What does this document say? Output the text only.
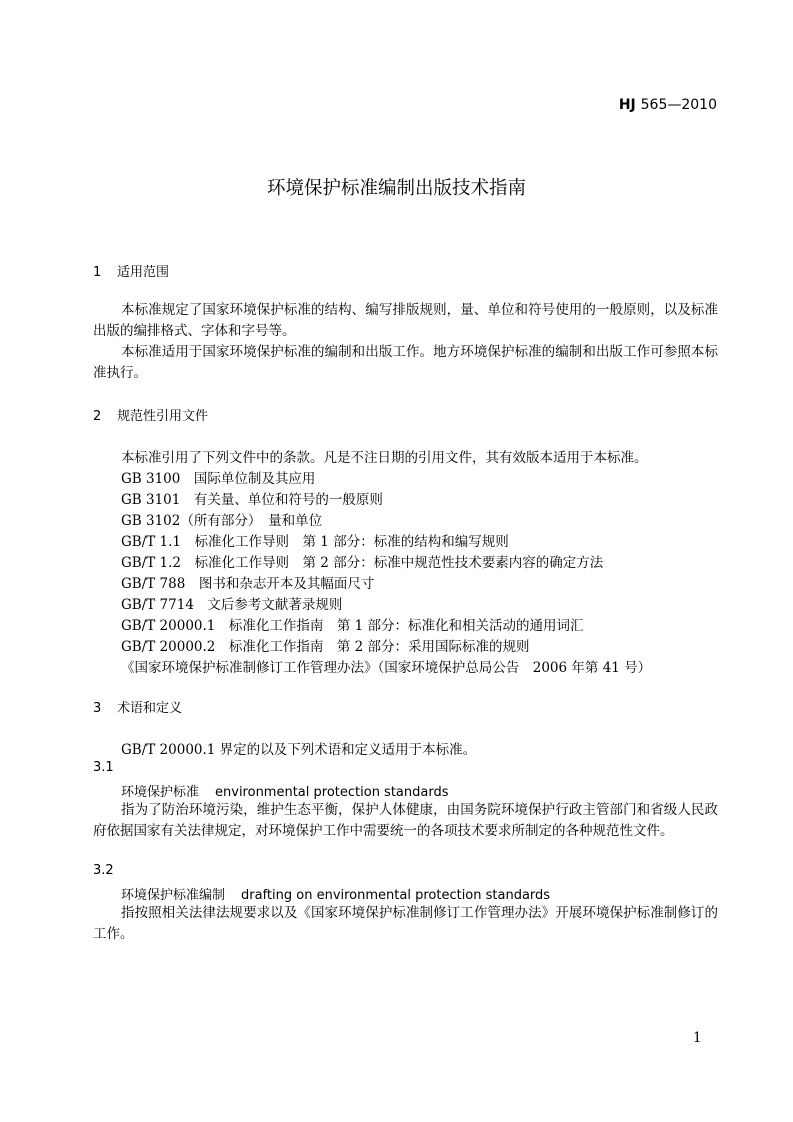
HJ 565—2010
环境保护标准编制出版技术指南
1 适用范围
本标准规定了国家环境保护标准的结构、编写排版规则，量、单位和符号使用的一般原则，以及标准出版的编排格式、字体和字号等。
本标准适用于国家环境保护标准的编制和出版工作。地方环境保护标准的编制和出版工作可参照本标准执行。
2 规范性引用文件
本标准引用了下列文件中的条款。凡是不注日期的引用文件，其有效版本适用于本标准。
GB 3100　国际单位制及其应用
GB 3101　有关量、单位和符号的一般原则
GB 3102（所有部分）　量和单位
GB/T 1.1　标准化工作导则　第 1 部分：标准的结构和编写规则
GB/T 1.2　标准化工作导则　第 2 部分：标准中规范性技术要素内容的确定方法
GB/T 788　图书和杂志开本及其幅面尺寸
GB/T 7714　文后参考文献著录规则
GB/T 20000.1　标准化工作指南　第 1 部分：标准化和相关活动的通用词汇
GB/T 20000.2　标准化工作指南　第 2 部分：采用国际标准的规则
《国家环境保护标准制修订工作管理办法》（国家环境保护总局公告　2006 年第 41 号）
3 术语和定义
GB/T 20000.1 界定的以及下列术语和定义适用于本标准。
3.1
环境保护标准 environmental protection standards
指为了防治环境污染，维护生态平衡，保护人体健康，由国务院环境保护行政主管部门和省级人民政府依据国家有关法律规定，对环境保护工作中需要统一的各项技术要求所制定的各种规范性文件。
3.2
环境保护标准编制 drafting on environmental protection standards
指按照相关法律法规要求以及《国家环境保护标准制修订工作管理办法》开展环境保护标准制修订的工作。
1
